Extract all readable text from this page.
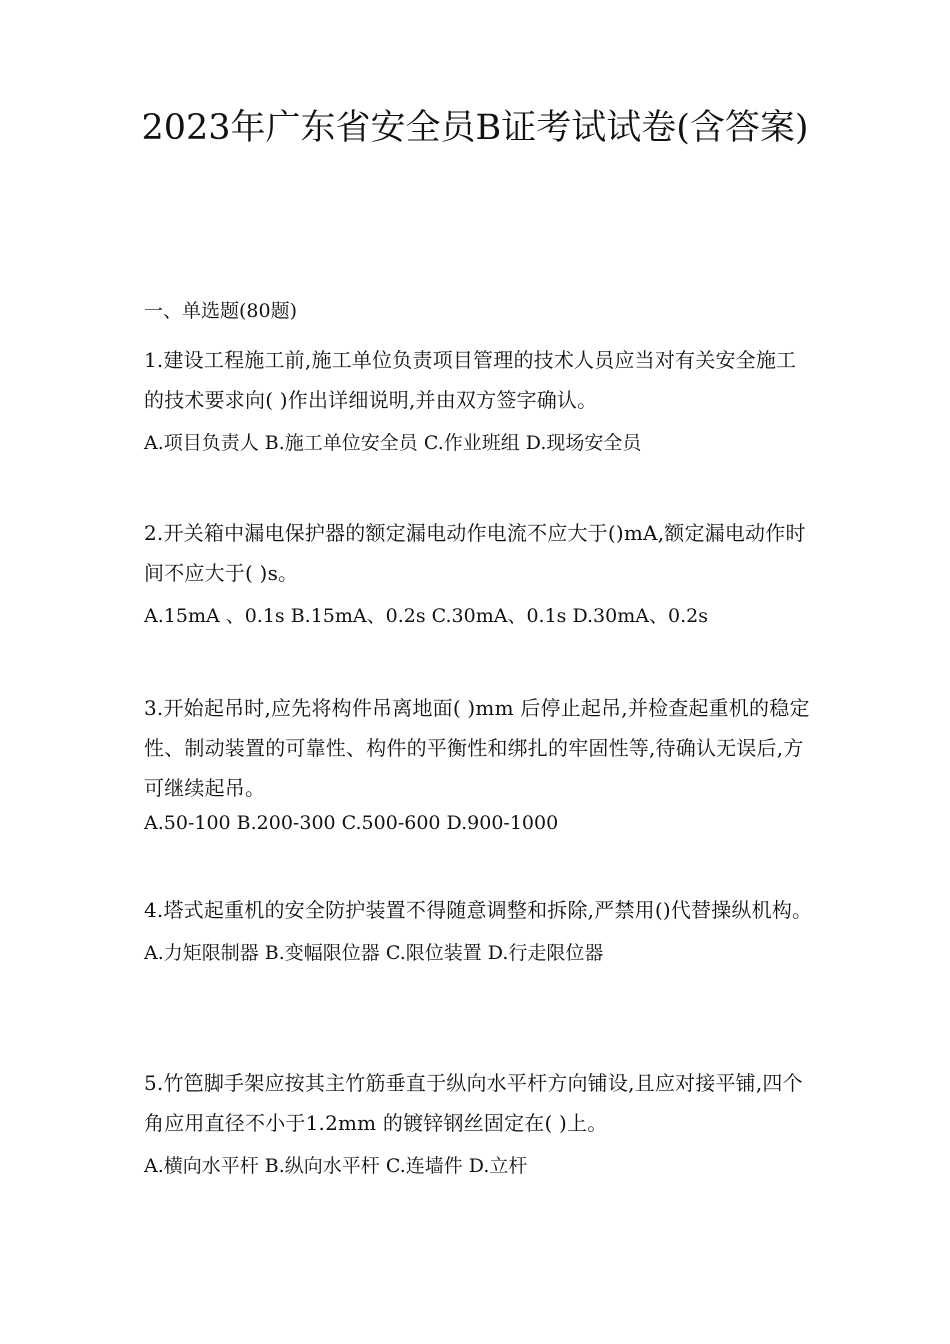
2023年广东省安全员B证考试试卷(含答案)

一、单选题(80题)

1.建设工程施工前,施工单位负责项目管理的技术人员应当对有关安全施工的技术要求向( )作出详细说明,并由双方签字确认。

A.项目负责人 B.施工单位安全员 C.作业班组 D.现场安全员

2.开关箱中漏电保护器的额定漏电动作电流不应大于()mA,额定漏电动作时间不应大于( )s。

A.15mA 、0.1s B.15mA、0.2s C.30mA、0.1s D.30mA、0.2s

3.开始起吊时,应先将构件吊离地面( )mm 后停止起吊,并检查起重机的稳定性、制动装置的可靠性、构件的平衡性和绑扎的牢固性等,待确认无误后,方可继续起吊。

A.50-100 B.200-300 C.500-600 D.900-1000

4.塔式起重机的安全防护装置不得随意调整和拆除,严禁用()代替操纵机构。

A.力矩限制器 B.变幅限位器 C.限位装置 D.行走限位器

5.竹笆脚手架应按其主竹筋垂直于纵向水平杆方向铺设,且应对接平铺,四个角应用直径不小于1.2mm 的镀锌钢丝固定在( )上。

A.横向水平杆 B.纵向水平杆 C.连墙件 D.立杆
